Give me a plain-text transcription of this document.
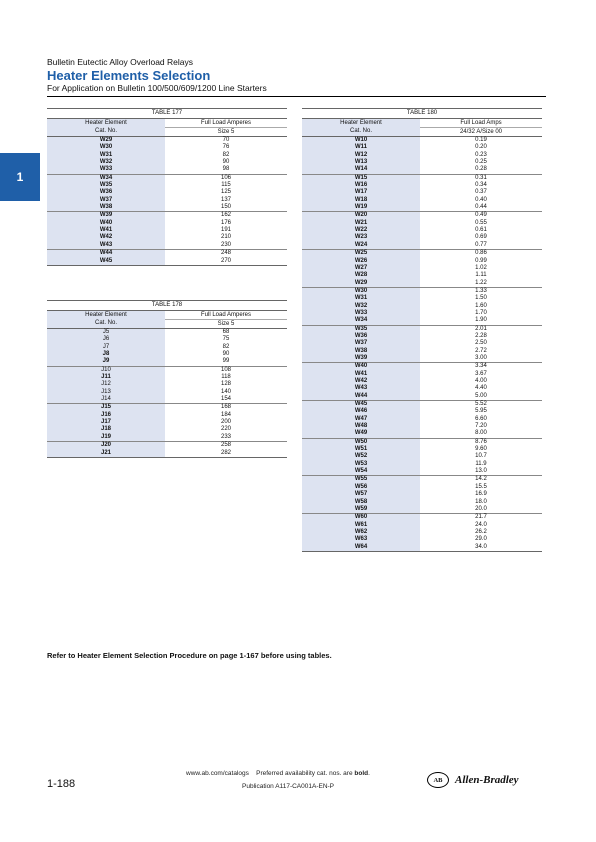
Bulletin Eutectic Alloy Overload Relays
Heater Elements Selection
For Application on Bulletin 100/500/609/1200 Line Starters
1
TABLE 177
Heater Element
Cat. No.
Full Load Amperes
Size 5
W29	70
W30	76
W31	82
W32	90
W33	98
W34	106
W35	115
W36	125
W37	137
W38	150
W39	162
W40	176
W41	191
W42	210
W43	230
W44	248
W45	270
TABLE 178
Heater Element
Cat. No.
Full Load Amperes
Size 5
J5	68
J6	75
J7	82
J8	90
J9	99
J10	108
J11	118
J12	128
J13	140
J14	154
J15	168
J16	184
J17	200
J18	220
J19	233
J20	258
J21	282
TABLE 180
Heater Element
Cat. No.
Full Load Amps
24/32 A/Size 00
W10	0.19
W11	0.20
W12	0.23
W13	0.25
W14	0.28
W15	0.31
W16	0.34
W17	0.37
W18	0.40
W19	0.44
W20	0.49
W21	0.55
W22	0.61
W23	0.69
W24	0.77
W25	0.86
W26	0.99
W27	1.02
W28	1.11
W29	1.22
W30	1.33
W31	1.50
W32	1.60
W33	1.70
W34	1.90
W35	2.01
W36	2.28
W37	2.50
W38	2.72
W39	3.00
W40	3.34
W41	3.67
W42	4.00
W43	4.40
W44	5.00
W45	5.52
W46	5.95
W47	6.60
W48	7.20
W49	8.00
W50	8.76
W51	9.60
W52	10.7
W53	11.9
W54	13.0
W55	14.2
W56	15.5
W57	16.9
W58	18.0
W59	20.0
W60	21.7
W61	24.0
W62	26.2
W63	29.0
W64	34.0
Refer to Heater Element Selection Procedure on page 1-167 before using tables.
1-188
www.ab.com/catalogs Preferred availability cat. nos. are bold.
Publication A117-CA001A-EN-P
AB	Allen-Bradley
